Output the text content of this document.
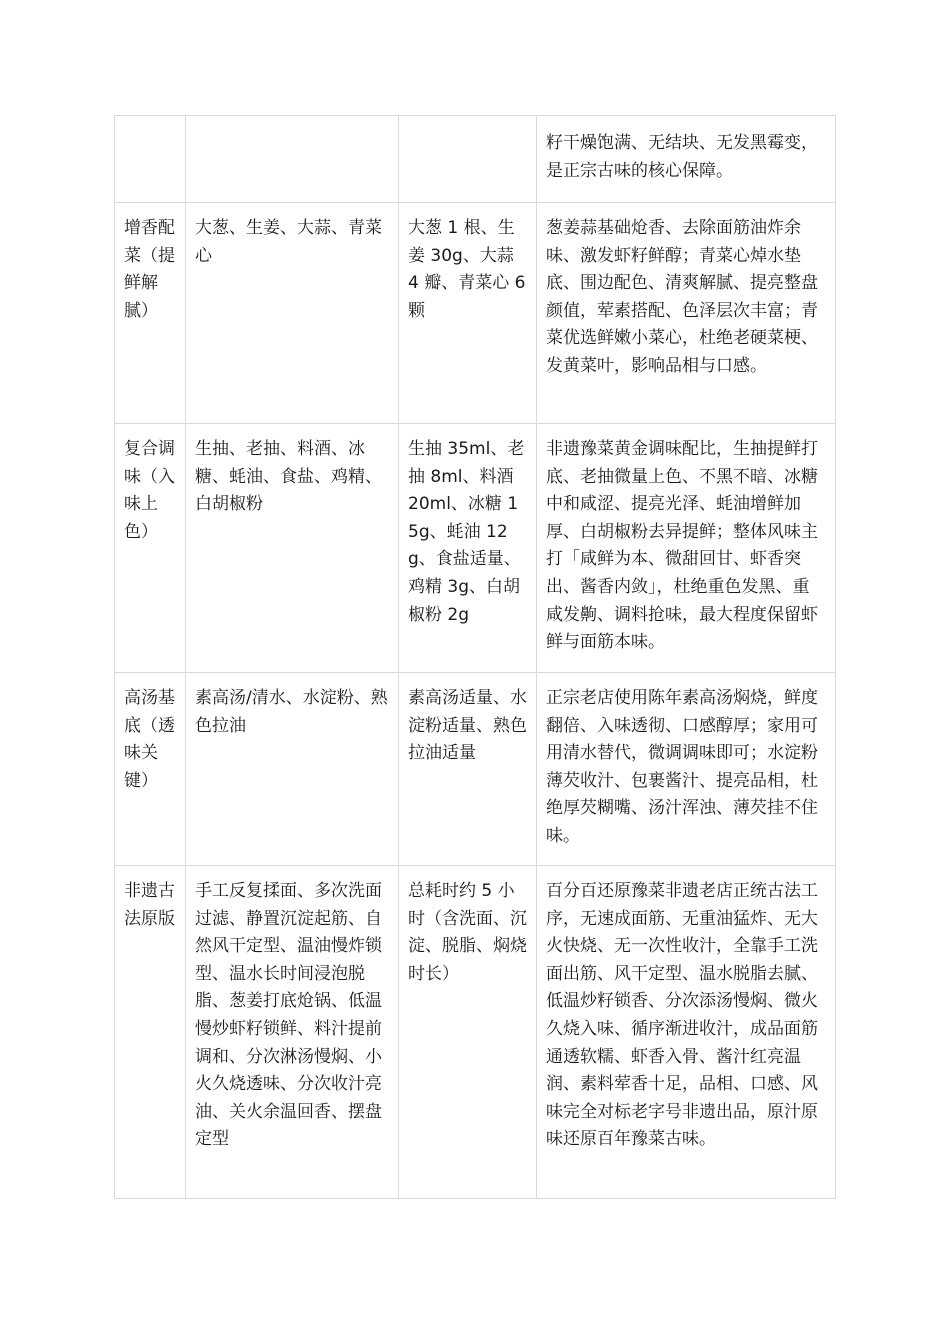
			籽干燥饱满、无结块、无发黑霉变，是正宗古味的核心保障。
增香配菜（提鲜解腻）	大葱、生姜、大蒜、青菜心	大葱 1 根、生姜 30g、大蒜 4 瓣、青菜心 6 颗	葱姜蒜基础炝香、去除面筋油炸余味、激发虾籽鲜醇；青菜心焯水垫底、围边配色、清爽解腻、提亮整盘颜值，荤素搭配、色泽层次丰富；青菜优选鲜嫩小菜心，杜绝老硬菜梗、发黄菜叶，影响品相与口感。
复合调味（入味上色）	生抽、老抽、料酒、冰糖、蚝油、食盐、鸡精、白胡椒粉	生抽 35ml、老抽 8ml、料酒 20ml、冰糖 15g、蚝油 12g、食盐适量、鸡精 3g、白胡椒粉 2g	非遗豫菜黄金调味配比，生抽提鲜打底、老抽微量上色、不黑不暗、冰糖中和咸涩、提亮光泽、蚝油增鲜加厚、白胡椒粉去异提鲜；整体风味主打「咸鲜为本、微甜回甘、虾香突出、酱香内敛」，杜绝重色发黑、重咸发齁、调料抢味，最大程度保留虾鲜与面筋本味。
高汤基底（透味关键）	素高汤/清水、水淀粉、熟色拉油	素高汤适量、水淀粉适量、熟色拉油适量	正宗老店使用陈年素高汤焖烧，鲜度翻倍、入味透彻、口感醇厚；家用可用清水替代，微调调味即可；水淀粉薄芡收汁、包裹酱汁、提亮品相，杜绝厚芡糊嘴、汤汁浑浊、薄芡挂不住味。
非遗古法原版	手工反复揉面、多次洗面过滤、静置沉淀起筋、自然风干定型、温油慢炸锁型、温水长时间浸泡脱脂、葱姜打底炝锅、低温慢炒虾籽锁鲜、料汁提前调和、分次淋汤慢焖、小火久烧透味、分次收汁亮油、关火余温回香、摆盘定型	总耗时约 5 小时（含洗面、沉淀、脱脂、焖烧时长）	百分百还原豫菜非遗老店正统古法工序，无速成面筋、无重油猛炸、无大火快烧、无一次性收汁，全靠手工洗面出筋、风干定型、温水脱脂去腻、低温炒籽锁香、分次添汤慢焖、微火久烧入味、循序渐进收汁，成品面筋通透软糯、虾香入骨、酱汁红亮温润、素料荤香十足，品相、口感、风味完全对标老字号非遗出品，原汁原味还原百年豫菜古味。
